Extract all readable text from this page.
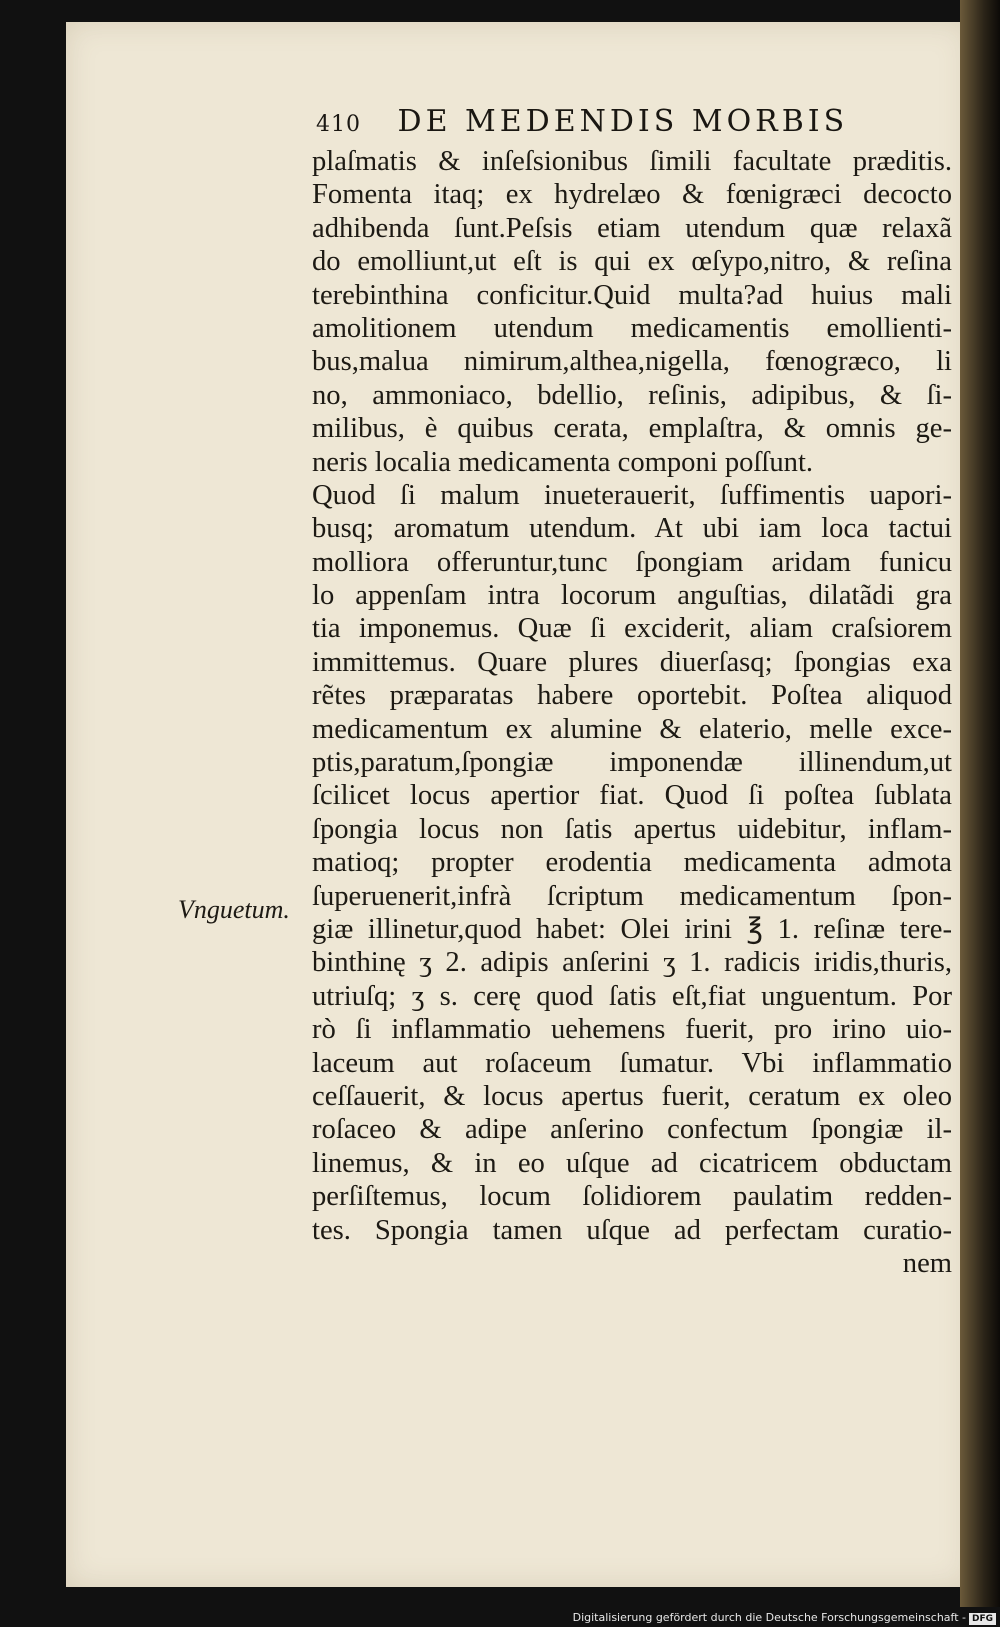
410 DE MEDENDIS MORBIS
Vnguetum.
plaſmatis & inſeſsionibus ſimili facultate præditis.
Fomenta itaq; ex hydrelæo & fœnigræci decocto
adhibenda ſunt.Peſsis etiam utendum quæ relaxã
do emolliunt,ut eſt is qui ex œſypo,nitro, & reſina
terebinthina conficitur.Quid multa?ad huius mali
amolitionem utendum medicamentis emollienti-
bus,malua nimirum,althea,nigella, fœnogræco, li
no, ammoniaco, bdellio, reſinis, adipibus, & ſi-
milibus, è quibus cerata, emplaſtra, & omnis ge-
neris localia medicamenta componi poſſunt.
Quod ſi malum inueterauerit, ſuffimentis uapori-
busq; aromatum utendum. At ubi iam loca tactui
molliora offeruntur,tunc ſpongiam aridam funicu
lo appenſam intra locorum anguſtias, dilatãdi gra
tia imponemus. Quæ ſi exciderit, aliam craſsiorem
immittemus. Quare plures diuerſasq; ſpongias exa
rẽtes præparatas habere oportebit. Poſtea aliquod
medicamentum ex alumine & elaterio, melle exce-
ptis,paratum,ſpongiæ imponendæ illinendum,ut
ſcilicet locus apertior fiat. Quod ſi poſtea ſublata
ſpongia locus non ſatis apertus uidebitur, inflam-
matioq; propter erodentia medicamenta admota
ſuperuenerit,infrà ſcriptum medicamentum ſpon-
giæ illinetur,quod habet: Olei irini ℥ 1. reſinæ tere-
binthinę ʒ 2. adipis anſerini ʒ 1. radicis iridis,thuris,
utriuſq; ʒ s. cerę quod ſatis eſt,fiat unguentum. Por
rò ſi inflammatio uehemens fuerit, pro irino uio-
laceum aut roſaceum ſumatur. Vbi inflammatio
ceſſauerit, & locus apertus fuerit, ceratum ex oleo
roſaceo & adipe anſerino confectum ſpongiæ il-
linemus, & in eo uſque ad cicatricem obductam
perſiſtemus, locum ſolidiorem paulatim redden-
tes. Spongia tamen uſque ad perfectam curatio-
nem
Digitalisierung gefördert durch die Deutsche Forschungsgemeinschaft - DFG
